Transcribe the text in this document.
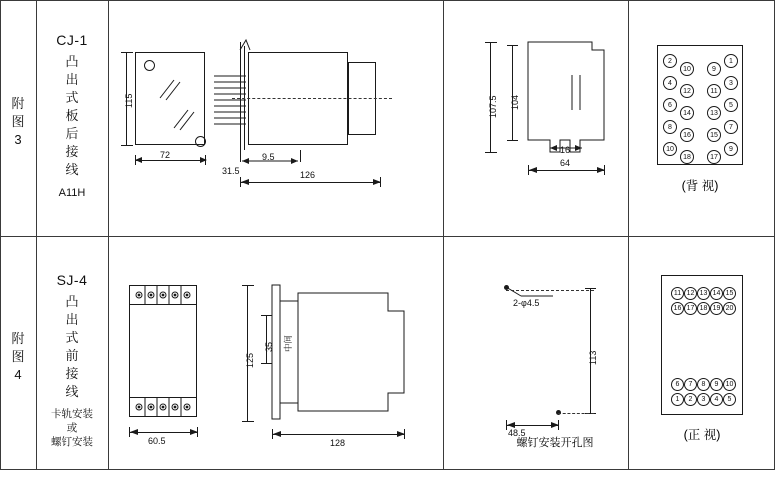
附
图
3
CJ-1
凸
出
式
板
后
接
线
A11H
115
72	9.5
31.5	126
107.5 104
16
64
2
4
6
8
10
10
12
14
16
18
9
11
13
15
17
1
3
5
7
9
(背 视)
附
图
4
SJ-4
凸
出
式
前
接
线
卡轨安装
或
螺钉安装	60.5
125
35 中间
128
2-φ4.5
113
48.5
螺钉安装开孔图
11 12 13 14 15
16 17 18 19 20
6	7	8	9	10
1	2	3	4	5
(正 视)
